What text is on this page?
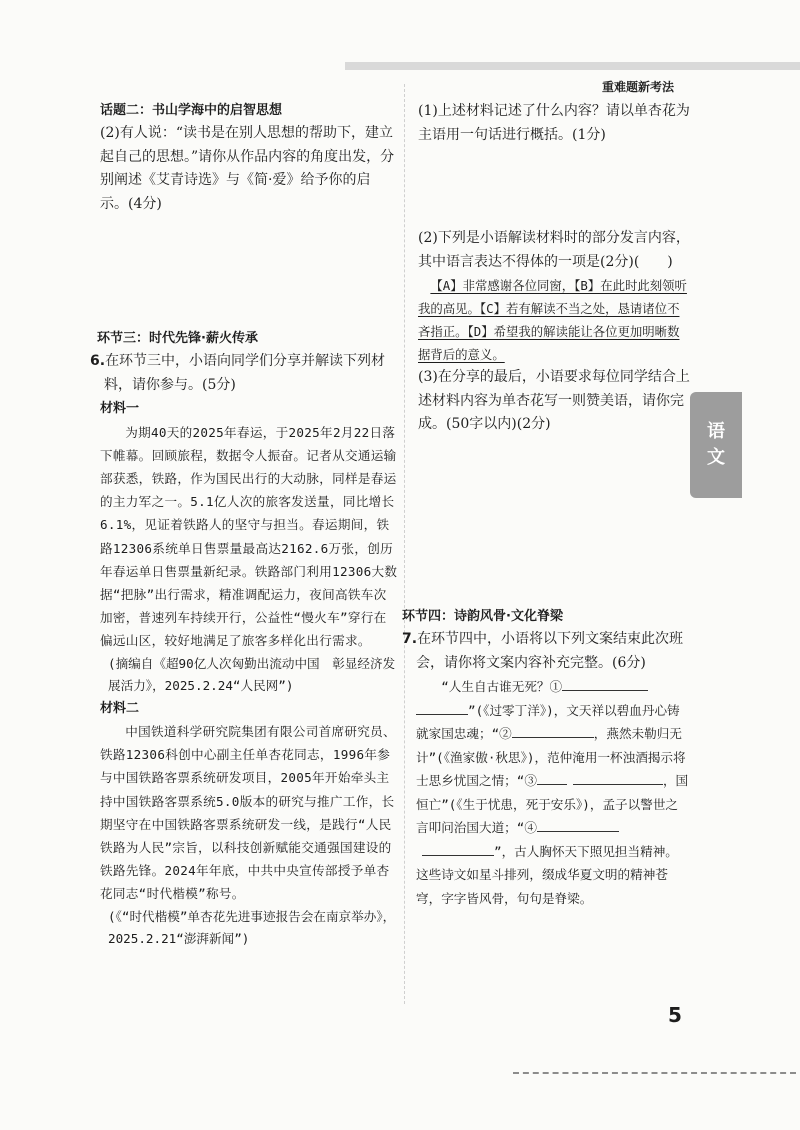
重难题新考法
话题二：书山学海中的启智思想

(2)有人说：“读书是在别人思想的帮助下，建立起自己的思想。”请你从作品内容的角度出发，分别阐述《艾青诗选》与《简·爱》给予你的启示。(4分)

环节三：时代先锋·薪火传承

6.在环节三中，小语向同学们分享并解读下列材料，请你参与。(5分)

材料一

为期40天的2025年春运，于2025年2月22日落下帷幕。回顾旅程，数据令人振奋。记者从交通运输部获悉，铁路，作为国民出行的大动脉，同样是春运的主力军之一。5.1亿人次的旅客发送量，同比增长6.1%，见证着铁路人的坚守与担当。春运期间，铁路12306系统单日售票量最高达2162.6万张，创历年春运单日售票量新纪录。铁路部门利用12306大数据“把脉”出行需求，精准调配运力，夜间高铁车次加密，普速列车持续开行，公益性“慢火车”穿行在偏远山区，较好地满足了旅客多样化出行需求。

(摘编自《超90亿人次匈勤出流动中国　彰显经济发展活力》，2025.2.24“人民网”)

材料二

中国铁道科学研究院集团有限公司首席研究员、铁路12306科创中心副主任单杏花同志，1996年参与中国铁路客票系统研发项目，2005年开始牵头主持中国铁路客票系统5.0版本的研究与推广工作，长期坚守在中国铁路客票系统研发一线，是践行“人民铁路为人民”宗旨，以科技创新赋能交通强国建设的铁路先锋。2024年年底，中共中央宣传部授予单杏花同志“时代楷模”称号。

(《“时代楷模”单杏花先进事迹报告会在南京举办》，2025.2.21“澎湃新闻”)

(1)上述材料记述了什么内容？请以单杏花为主语用一句话进行概括。(1分)

(2)下列是小语解读材料时的部分发言内容，其中语言表达不得体的一项是(2分)(　　)

【A】非常感谢各位同窗，【B】在此时此刻领听我的高见。【C】若有解读不当之处，恳请诸位不吝指正。【D】希望我的解读能让各位更加明晰数据背后的意义。

(3)在分享的最后，小语要求每位同学结合上述材料内容为单杏花写一则赞美语，请你完成。(50字以内)(2分)	语
文
环节四：诗韵风骨·文化脊梁

7.在环节四中，小语将以下列文案结束此次班会，请你将文案内容补充完整。(6分)

“人生自古谁无死？①
”(《过零丁洋》)，文天祥以碧血丹心铸就家国忠魂；“②	，燕然未勒归无计”(《渔家傲·秋思》)，范仲淹用一杯浊酒揭示将士思乡忧国之情；“③	，国恒亡”(《生于忧患，死于安乐》)，孟子以警世之言叩问治国大道；“④”，古人胸怀天下照见担当精神。这些诗文如星斗排列，缀成华夏文明的精神苍穹，字字皆风骨，句句是脊梁。
5
